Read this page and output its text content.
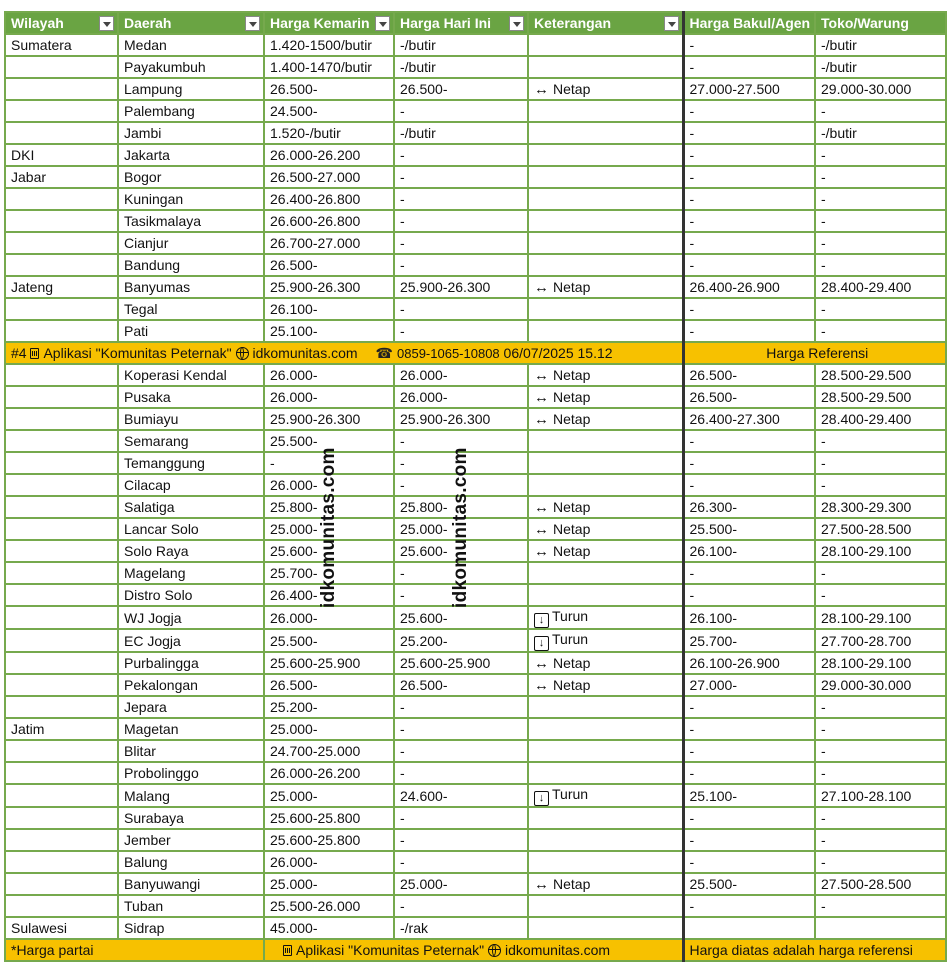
Wilayah	Daerah	Harga Kemarin	Harga Hari Ini	Keterangan	Harga Bakul/Agen	Toko/Warung
Sumatera	Medan	1.420-1500/butir	-/butir		-	-/butir
	Payakumbuh	1.400-1470/butir	-/butir		-	-/butir
	Lampung	26.500-	26.500-	↔ Netap	27.000-27.500	29.000-30.000
	Palembang	24.500-	-		-	-
	Jambi	1.520-/butir	-/butir		-	-/butir
DKI	Jakarta	26.000-26.200	-		-	-
Jabar	Bogor	26.500-27.000	-		-	-
	Kuningan	26.400-26.800	-		-	-
	Tasikmalaya	26.600-26.800	-		-	-
	Cianjur	26.700-27.000	-		-	-
	Bandung	26.500-	-		-	-
Jateng	Banyumas	25.900-26.300	25.900-26.300	↔ Netap	26.400-26.900	28.400-29.400
	Tegal	26.100-	-		-	-
	Pati	25.100-	-		-	-
#4 Aplikasi "Komunitas Peternak" idkomunitas.com ☎ 0859-1065-10808 06/07/2025 15.12					Harga Referensi	
	Koperasi Kendal	26.000-	26.000-	↔ Netap	26.500-	28.500-29.500
	Pusaka	26.000-	26.000-	↔ Netap	26.500-	28.500-29.500
	Bumiayu	25.900-26.300	25.900-26.300	↔ Netap	26.400-27.300	28.400-29.400
	Semarang	25.500-	-		-	-
	Temanggung	-	-		-	-
	Cilacap	26.000-	-		-	-
	Salatiga	25.800-	25.800-	↔ Netap	26.300-	28.300-29.300
	Lancar Solo	25.000-	25.000-	↔ Netap	25.500-	27.500-28.500
	Solo Raya	25.600-	25.600-	↔ Netap	26.100-	28.100-29.100
	Magelang	25.700-	-		-	-
	Distro Solo	26.400-	-		-	-
	WJ Jogja	26.000-	25.600-	↓ Turun	26.100-	28.100-29.100
	EC Jogja	25.500-	25.200-	↓ Turun	25.700-	27.700-28.700
	Purbalingga	25.600-25.900	25.600-25.900	↔ Netap	26.100-26.900	28.100-29.100
	Pekalongan	26.500-	26.500-	↔ Netap	27.000-	29.000-30.000
	Jepara	25.200-	-		-	-
Jatim	Magetan	25.000-	-		-	-
	Blitar	24.700-25.000	-		-	-
	Probolinggo	26.000-26.200	-		-	-
	Malang	25.000-	24.600-	↓ Turun	25.100-	27.100-28.100
	Surabaya	25.600-25.800	-		-	-
	Jember	25.600-25.800	-		-	-
	Balung	26.000-	-		-	-
	Banyuwangi	25.000-	25.000-	↔ Netap	25.500-	27.500-28.500
	Tuban	25.500-26.000	-		-	-
Sulawesi	Sidrap	45.000-	-/rak			
*Harga partai		Aplikasi "Komunitas Peternak" idkomunitas.com			Harga diatas adalah harga referensi	
idkomunitas.com	idkomunitas.com
